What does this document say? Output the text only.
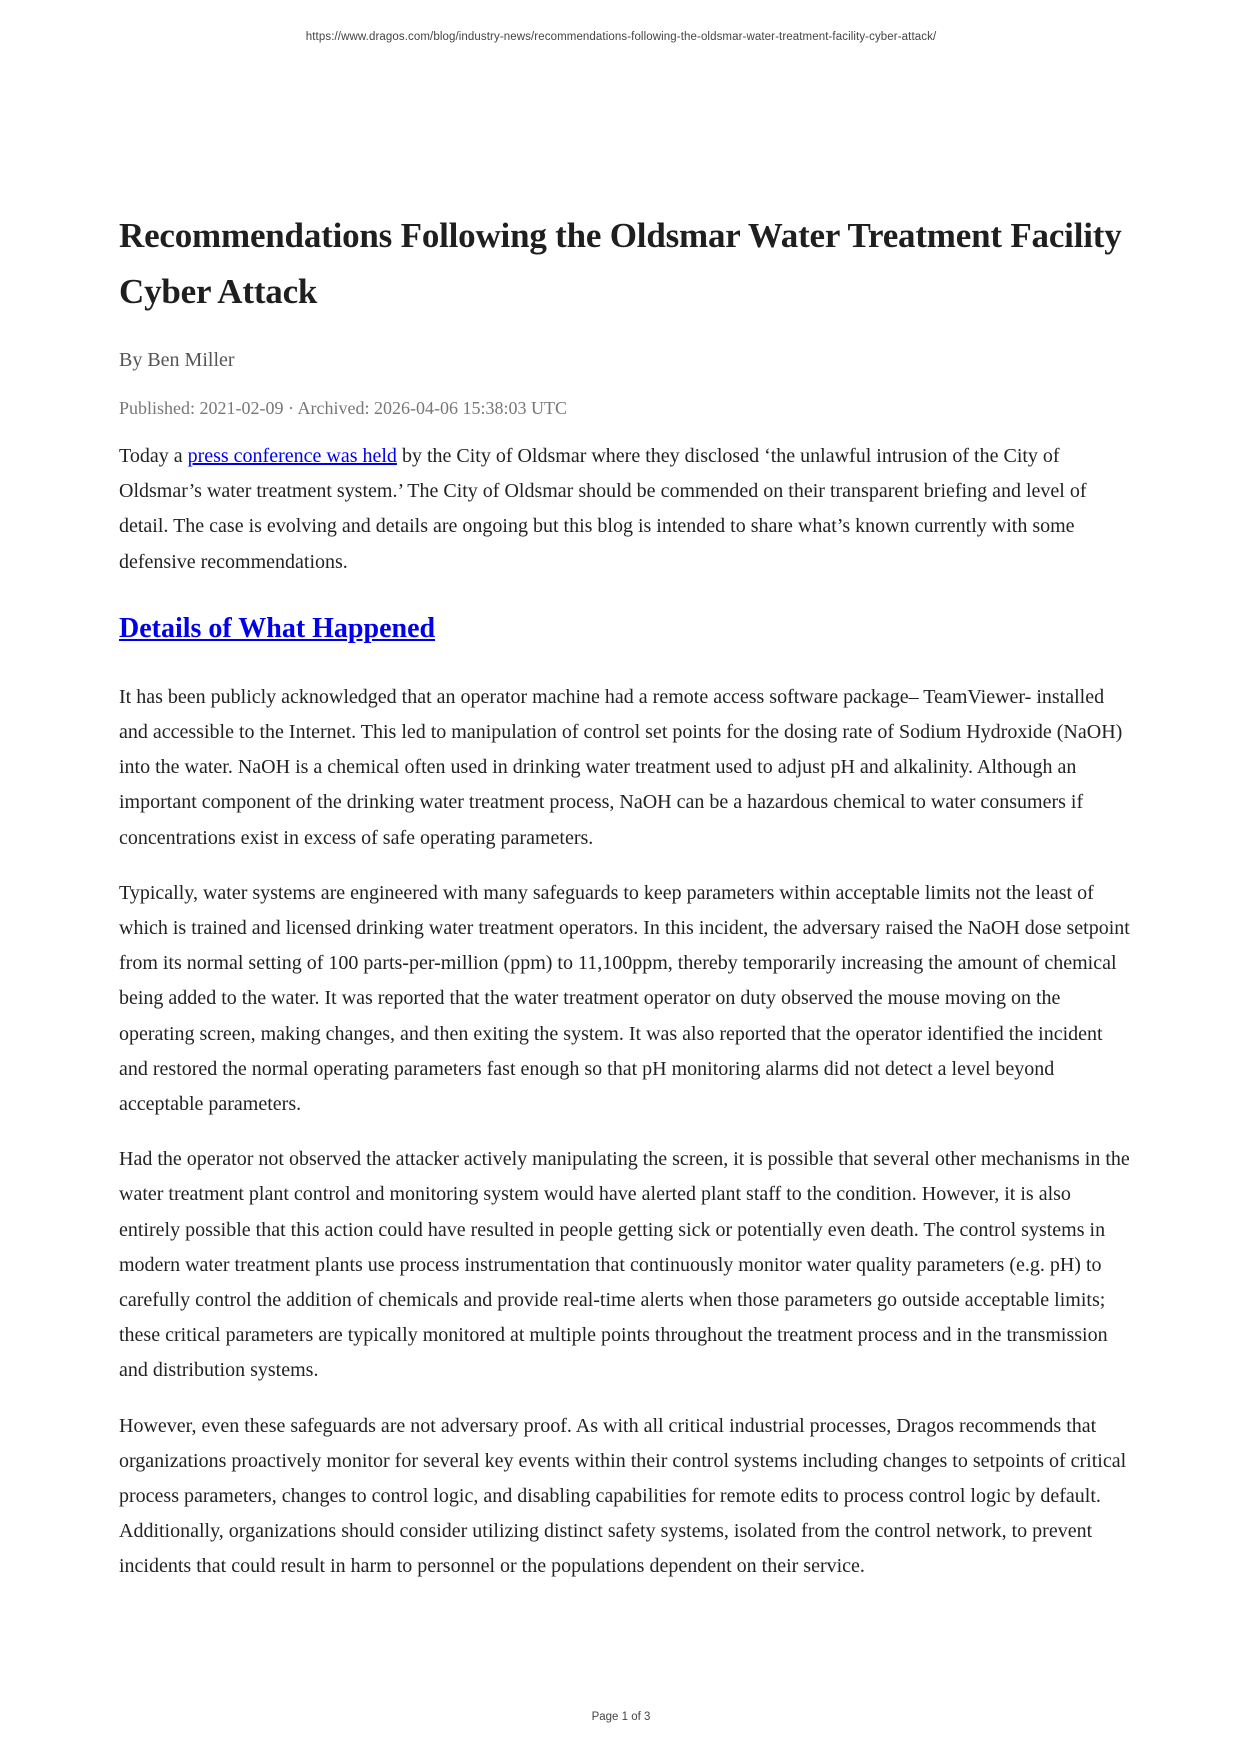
https://www.dragos.com/blog/industry-news/recommendations-following-the-oldsmar-water-treatment-facility-cyber-attack/
Recommendations Following the Oldsmar Water Treatment Facility Cyber Attack
By Ben Miller
Published: 2021-02-09 · Archived: 2026-04-06 15:38:03 UTC

Today a press conference was held by the City of Oldsmar where they disclosed ‘the unlawful intrusion of the City of Oldsmar’s water treatment system.’ The City of Oldsmar should be commended on their transparent briefing and level of detail. The case is evolving and details are ongoing but this blog is intended to share what’s known currently with some defensive recommendations.

Details of What Happened

It has been publicly acknowledged that an operator machine had a remote access software package– TeamViewer- installed and accessible to the Internet. This led to manipulation of control set points for the dosing rate of Sodium Hydroxide (NaOH) into the water. NaOH is a chemical often used in drinking water treatment used to adjust pH and alkalinity. Although an important component of the drinking water treatment process, NaOH can be a hazardous chemical to water consumers if concentrations exist in excess of safe operating parameters.

Typically, water systems are engineered with many safeguards to keep parameters within acceptable limits not the least of which is trained and licensed drinking water treatment operators. In this incident, the adversary raised the NaOH dose setpoint from its normal setting of 100 parts-per-million (ppm) to 11,100ppm, thereby temporarily increasing the amount of chemical being added to the water. It was reported that the water treatment operator on duty observed the mouse moving on the operating screen, making changes, and then exiting the system. It was also reported that the operator identified the incident and restored the normal operating parameters fast enough so that pH monitoring alarms did not detect a level beyond acceptable parameters.

Had the operator not observed the attacker actively manipulating the screen, it is possible that several other mechanisms in the water treatment plant control and monitoring system would have alerted plant staff to the condition. However, it is also entirely possible that this action could have resulted in people getting sick or potentially even death. The control systems in modern water treatment plants use process instrumentation that continuously monitor water quality parameters (e.g. pH) to carefully control the addition of chemicals and provide real-time alerts when those parameters go outside acceptable limits; these critical parameters are typically monitored at multiple points throughout the treatment process and in the transmission and distribution systems.

However, even these safeguards are not adversary proof. As with all critical industrial processes, Dragos recommends that organizations proactively monitor for several key events within their control systems including changes to setpoints of critical process parameters, changes to control logic, and disabling capabilities for remote edits to process control logic by default. Additionally, organizations should consider utilizing distinct safety systems, isolated from the control network, to prevent incidents that could result in harm to personnel or the populations dependent on their service.

Page 1 of 3
